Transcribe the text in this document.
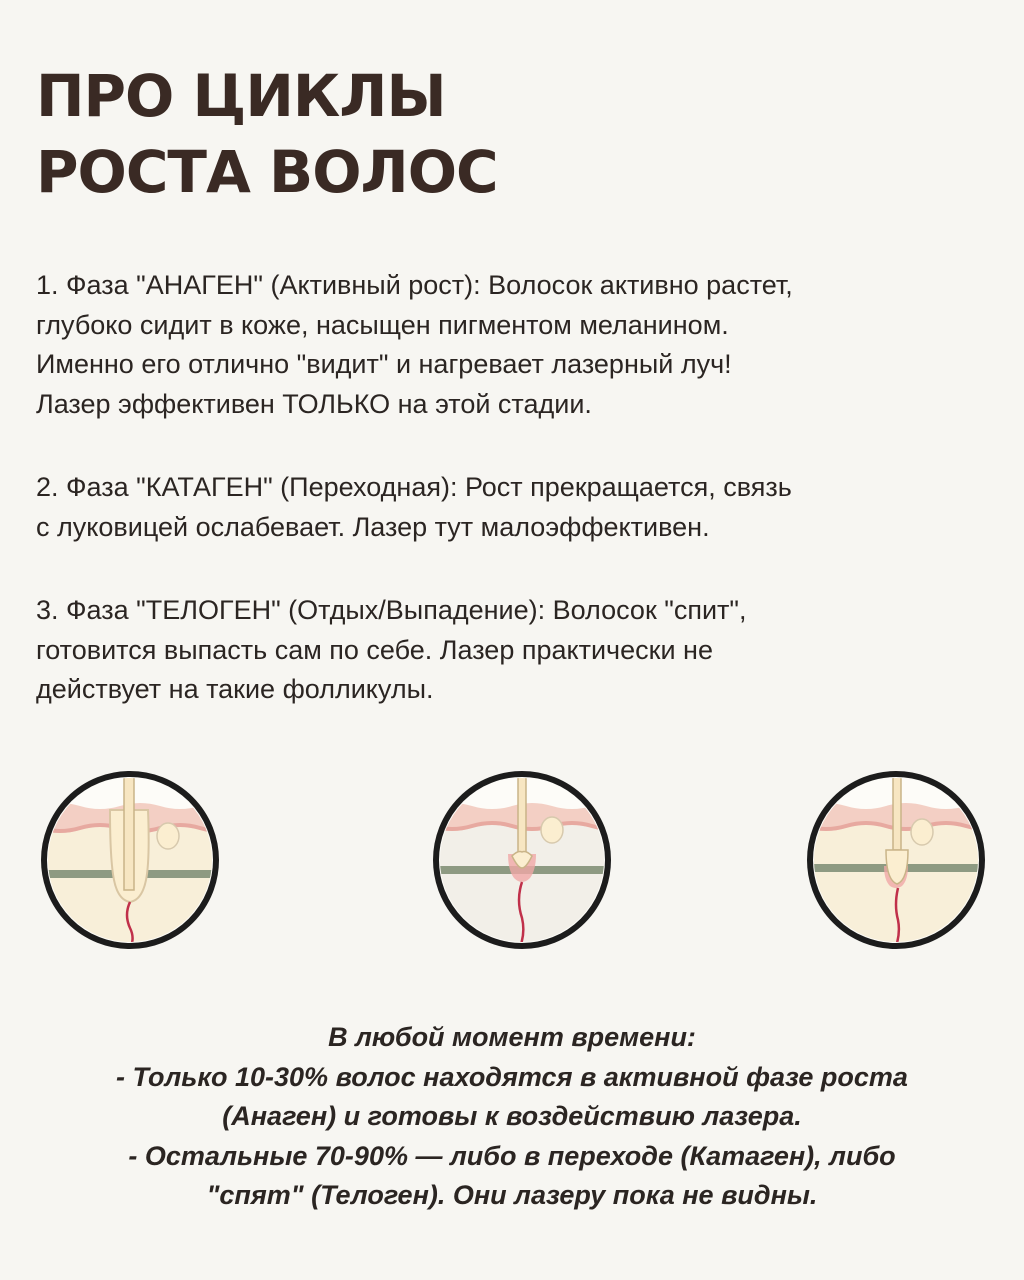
ПРО ЦИКЛЫ
РОСТА ВОЛОС
1. Фаза "АНАГЕН" (Активный рост): Волосок активно растет,
глубоко сидит в коже, насыщен пигментом меланином.
Именно его отлично "видит" и нагревает лазерный луч!
Лазер эффективен ТОЛЬКО на этой стадии.
2. Фаза "КАТАГЕН" (Переходная): Рост прекращается, связь
с луковицей ослабевает. Лазер тут малоэффективен.
3. Фаза "ТЕЛОГЕН" (Отдых/Выпадение): Волосок "спит",
готовится выпасть сам по себе. Лазер практически не
действует на такие фолликулы.
В любой момент времени:
- Только 10-30% волос находятся в активной фазе роста
(Анаген) и готовы к воздействию лазера.
- Остальные 70-90% — либо в переходе (Катаген), либо
"спят" (Телоген). Они лазеру пока не видны.
